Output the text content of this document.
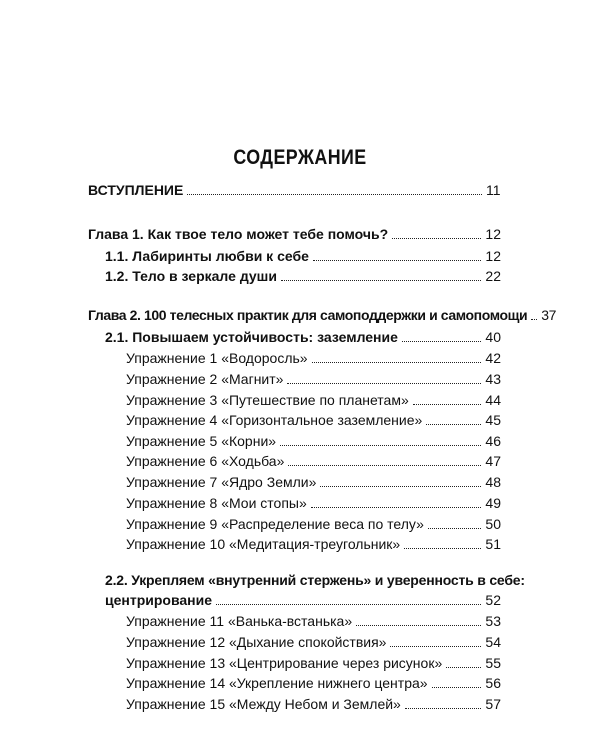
СОДЕРЖАНИЕ
ВСТУПЛЕНИЕ	11
Глава 1. Как твое тело может тебе помочь?	12
1.1. Лабиринты любви к себе	12
1.2. Тело в зеркале души	22
Глава 2. 100 телесных практик для самоподдержки и самопомощи 37
2.1. Повышаем устойчивость: заземление	40
Упражнение 1 «Водоросль»	42
Упражнение 2 «Магнит»	43
Упражнение 3 «Путешествие по планетам»	44
Упражнение 4 «Горизонтальное заземление»	45
Упражнение 5 «Корни»	46
Упражнение 6 «Ходьба»	47
Упражнение 7 «Ядро Земли»	48
Упражнение 8 «Мои стопы»	49
Упражнение 9 «Распределение веса по телу»	50
Упражнение 10 «Медитация-треугольник»	51
2.2. Укрепляем «внутренний стержень» и уверенность в себе:
центрирование	52
Упражнение 11 «Ванька-встанька»	53
Упражнение 12 «Дыхание спокойствия»	54
Упражнение 13 «Центрирование через рисунок»	55
Упражнение 14 «Укрепление нижнего центра»	56
Упражнение 15 «Между Небом и Землей»	57
